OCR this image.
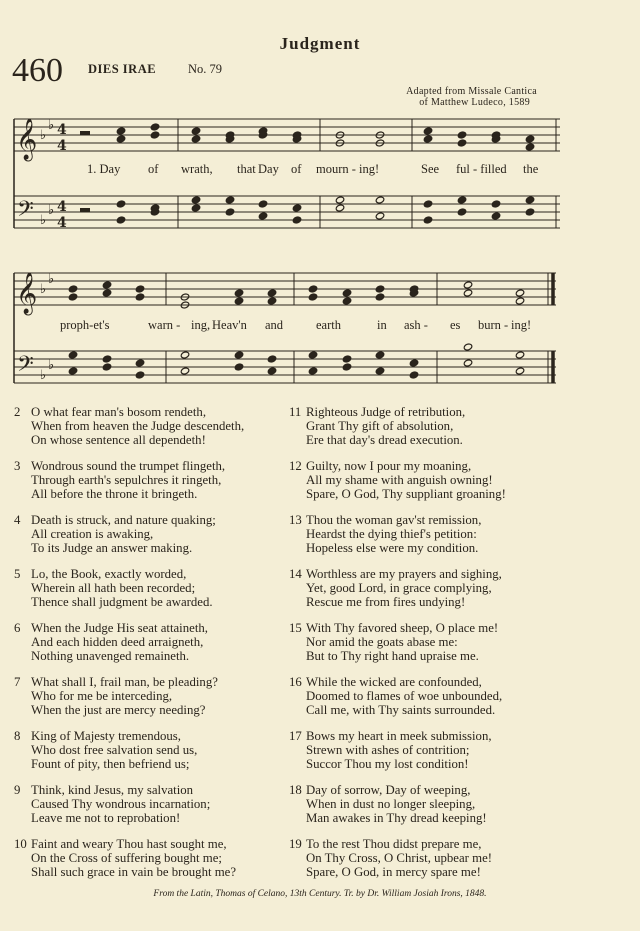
Judgment
460 DIES IRAE	No. 79
Adapted from Missale Cantica
of Matthew Ludeco, 1589
𝄞
𝄢
♭
♭
♭
♭
4
4
4
4
𝄞
𝄢
♭
♭
♭
♭
1. Day of wrath, that Day of mourn - ing!	See ful - filled the
proph-et's	warn - ing, Heav'n and	earth	in ash - es burn - ing!
2 O what fear man's bosom rendeth,
When from heaven the Judge descendeth,
On whose sentence all dependeth!
3 Wondrous sound the trumpet flingeth,
Through earth's sepulchres it ringeth,
All before the throne it bringeth.
4 Death is struck, and nature quaking;
All creation is awaking,
To its Judge an answer making.
5 Lo, the Book, exactly worded,
Wherein all hath been recorded;
Thence shall judgment be awarded.
6 When the Judge His seat attaineth,
And each hidden deed arraigneth,
Nothing unavenged remaineth.
7 What shall I, frail man, be pleading?
Who for me be interceding,
When the just are mercy needing?
8 King of Majesty tremendous,
Who dost free salvation send us,
Fount of pity, then befriend us;
9 Think, kind Jesus, my salvation
Caused Thy wondrous incarnation;
Leave me not to reprobation!
10 Faint and weary Thou hast sought me,
On the Cross of suffering bought me;
Shall such grace in vain be brought me?
11 Righteous Judge of retribution,
Grant Thy gift of absolution,
Ere that day's dread execution.
12 Guilty, now I pour my moaning,
All my shame with anguish owning!
Spare, O God, Thy suppliant groaning!
13 Thou the woman gav'st remission,
Heardst the dying thief's petition:
Hopeless else were my condition.
14 Worthless are my prayers and sighing,
Yet, good Lord, in grace complying,
Rescue me from fires undying!
15 With Thy favored sheep, O place me!
Nor amid the goats abase me:
But to Thy right hand upraise me.
16 While the wicked are confounded,
Doomed to flames of woe unbounded,
Call me, with Thy saints surrounded.
17 Bows my heart in meek submission,
Strewn with ashes of contrition;
Succor Thou my lost condition!
18 Day of sorrow, Day of weeping,
When in dust no longer sleeping,
Man awakes in Thy dread keeping!
19 To the rest Thou didst prepare me,
On Thy Cross, O Christ, upbear me!
Spare, O God, in mercy spare me!
From the Latin, Thomas of Celano, 13th Century. Tr. by Dr. William Josiah Irons, 1848.
